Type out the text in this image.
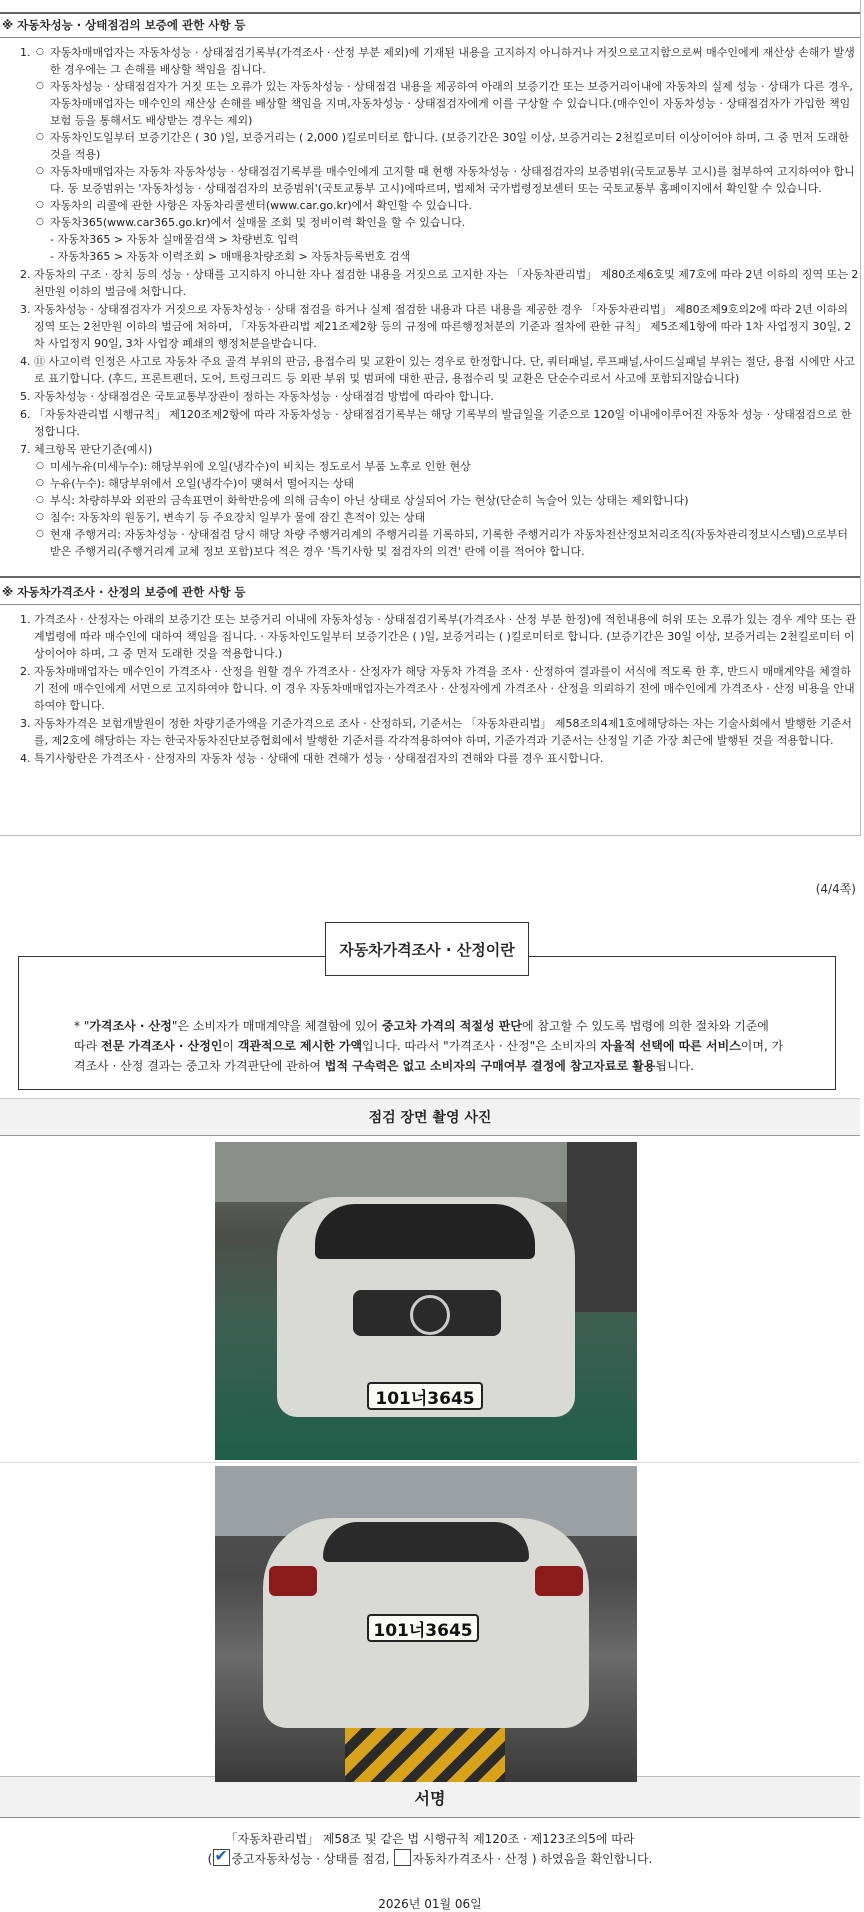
※ 자동차성능 · 상태점검의 보증에 관한 사항 등
○ 1. 자동차매매업자는 자동차성능 · 상태점검기록부(가격조사 · 산정 부분 제외)에 기재된 내용을 고지하지 아니하거나 거짓으로고지함으로써 매수인에게 재산상 손해가 발생한 경우에는 그 손해를 배상할 책임을 집니다.
○ 자동차성능 · 상태점검자가 거짓 또는 오류가 있는 자동차성능 · 상태점검 내용을 제공하여 아래의 보증기간 또는 보증거리이내에 자동차의 실제 성능 · 상태가 다른 경우, 자동차매매업자는 매수인의 재산상 손해를 배상할 책임을 지며,자동차성능 · 상태점검자에게 이를 구상할 수 있습니다.(매수인이 자동차성능 · 상태점검자가 가입한 책임보험 등을 통해서도 배상받는 경우는 제외)
○ 자동차인도일부터 보증기간은 ( 30 )일, 보증거리는 ( 2,000 )킬로미터로 합니다. (보증기간은 30일 이상, 보증거리는 2천킬로미터 이상이어야 하며, 그 중 먼저 도래한 것을 적용)
○ 자동차매매업자는 자동차 자동차성능 · 상태점검기록부를 매수인에게 고지할 때 현행 자동차성능 · 상태점검자의 보증범위(국토교통부 고시)를 첨부하여 고지하여야 합니다. 동 보증범위는 '자동차성능 · 상태점검자의 보증범위'(국토교통부 고시)에따르며, 법제처 국가법령정보센터 또는 국토교통부 홈페이지에서 확인할 수 있습니다.
○ 자동차의 리콜에 관한 사항은 자동차리콜센터(www.car.go.kr)에서 확인할 수 있습니다.
○ 자동차365(www.car365.go.kr)에서 실매물 조회 및 정비이력 확인을 할 수 있습니다.
- 자동차365 > 자동차 실매물검색 > 차량번호 입력
- 자동차365 > 자동차 이력조회 > 매매용차량조회 > 자동차등록번호 검색
2. 자동차의 구조 · 장치 등의 성능 · 상태를 고지하지 아니한 자나 점검한 내용을 거짓으로 고지한 자는 「자동차관리법」 제80조제6호및 제7호에 따라 2년 이하의 징역 또는 2천만원 이하의 벌금에 처합니다.
3. 자동차성능 · 상태점검자가 거짓으로 자동차성능 · 상태 점검을 하거나 실제 점검한 내용과 다른 내용을 제공한 경우 「자동차관리법」 제80조제9호의2에 따라 2년 이하의 징역 또는 2천만원 이하의 벌금에 처하며, 「자동차관리법 제21조제2항 등의 규정에 따른행정처분의 기준과 절차에 관한 규칙」 제5조제1항에 따라 1차 사업정지 30일, 2차 사업정지 90일, 3차 사업장 폐쇄의 행정처분을받습니다.
4. ⑪ 사고이력 인정은 사고로 자동차 주요 골격 부위의 판금, 용접수리 및 교환이 있는 경우로 한정합니다. 단, 쿼터패널, 루프패널,사이드실패널 부위는 절단, 용접 시에만 사고로 표기합니다. (후드, 프론트펜더, 도어, 트렁크리드 등 외판 부위 및 범퍼에 대한 판금, 용접수리 및 교환은 단순수리로서 사고에 포함되지않습니다)
5. 자동차성능 · 상태점검은 국토교통부장관이 정하는 자동차성능 · 상태점검 방법에 따라야 합니다.
6. 「자동차관리법 시행규칙」 제120조제2항에 따라 자동차성능 · 상태점검기록부는 해당 기록부의 발급일을 기준으로 120일 이내에이루어진 자동차 성능 · 상태점검으로 한정합니다.
7. 체크항목 판단기준(예시)
○ 미세누유(미세누수): 해당부위에 오일(냉각수)이 비치는 정도로서 부품 노후로 인한 현상
○ 누유(누수): 해당부위에서 오일(냉각수)이 맺혀서 떨어지는 상태
○ 부식: 차량하부와 외판의 금속표면이 화학반응에 의해 금속이 아닌 상태로 상실되어 가는 현상(단순히 녹슬어 있는 상태는 제외합니다)
○ 침수: 자동차의 원동기, 변속기 등 주요장치 일부가 물에 잠긴 흔적이 있는 상태
○ 현재 주행거리: 자동차성능 · 상태점검 당시 해당 차량 주행거리계의 주행거리를 기록하되, 기록한 주행거리가 자동차전산정보처리조직(자동차관리정보시스템)으로부터 받은 주행거리(주행거리계 교체 정보 포함)보다 적은 경우 '특기사항 및 점검자의 의견' 란에 이를 적어야 합니다.
※ 자동차가격조사 · 산정의 보증에 관한 사항 등
1. 가격조사 · 산정자는 아래의 보증기간 또는 보증거리 이내에 자동차성능 · 상태점검기록부(가격조사 · 산정 부분 한정)에 적힌내용에 허위 또는 오류가 있는 경우 계약 또는 관계법령에 따라 매수인에 대하여 책임을 집니다. · 자동차인도일부터 보증기간은 ( )일, 보증거리는 ( )킬로미터로 합니다. (보증기간은 30일 이상, 보증거리는 2천킬로미터 이상이어야 하며, 그 중 먼저 도래한 것을 적용합니다.)
2. 자동차매매업자는 매수인이 가격조사 · 산정을 원할 경우 가격조사 · 산정자가 해당 자동차 가격을 조사 · 산정하여 결과를이 서식에 적도록 한 후, 반드시 매매계약을 체결하기 전에 매수인에게 서면으로 고지하여야 합니다. 이 경우 자동차매매업자는가격조사 · 산정자에게 가격조사 · 산정을 의뢰하기 전에 매수인에게 가격조사 · 산정 비용을 안내하여야 합니다.
3. 자동차가격은 보험개발원이 정한 차량기준가액을 기준가격으로 조사 · 산정하되, 기준서는 「자동차관리법」 제58조의4제1호에해당하는 자는 기술사회에서 발행한 기준서를, 제2호에 해당하는 자는 한국자동차진단보증협회에서 발행한 기준서를 각각적용하여야 하며, 기준가격과 기준서는 산정일 기준 가장 최근에 발행된 것을 적용합니다.
4. 특기사항란은 가격조사 · 산정자의 자동차 성능 · 상태에 대한 견해가 성능 · 상태점검자의 견해와 다를 경우 표시합니다.
(4/4쪽)
자동차가격조사 · 산정이란
* "가격조사 · 산정"은 소비자가 매매계약을 체결함에 있어 중고차 가격의 적절성 판단에 참고할 수 있도록 법령에 의한 절차와 기준에 따라 전문 가격조사 · 산정인이 객관적으로 제시한 가액입니다. 따라서 "가격조사 · 산정"은 소비자의 자율적 선택에 따른 서비스이며, 가격조사 · 산정 결과는 중고차 가격판단에 관하여 법적 구속력은 없고 소비자의 구매여부 결정에 참고자료로 활용됩니다.
점검 장면 촬영 사진
101너3645
101너3645
서명
「자동차관리법」 제58조 및 같은 법 시행규칙 제120조 · 제123조의5에 따라
(✔ 중고자동차성능 · 상태를 점검, 자동차가격조사 · 산정 ) 하였음을 확인합니다.
2026년 01월 06일
